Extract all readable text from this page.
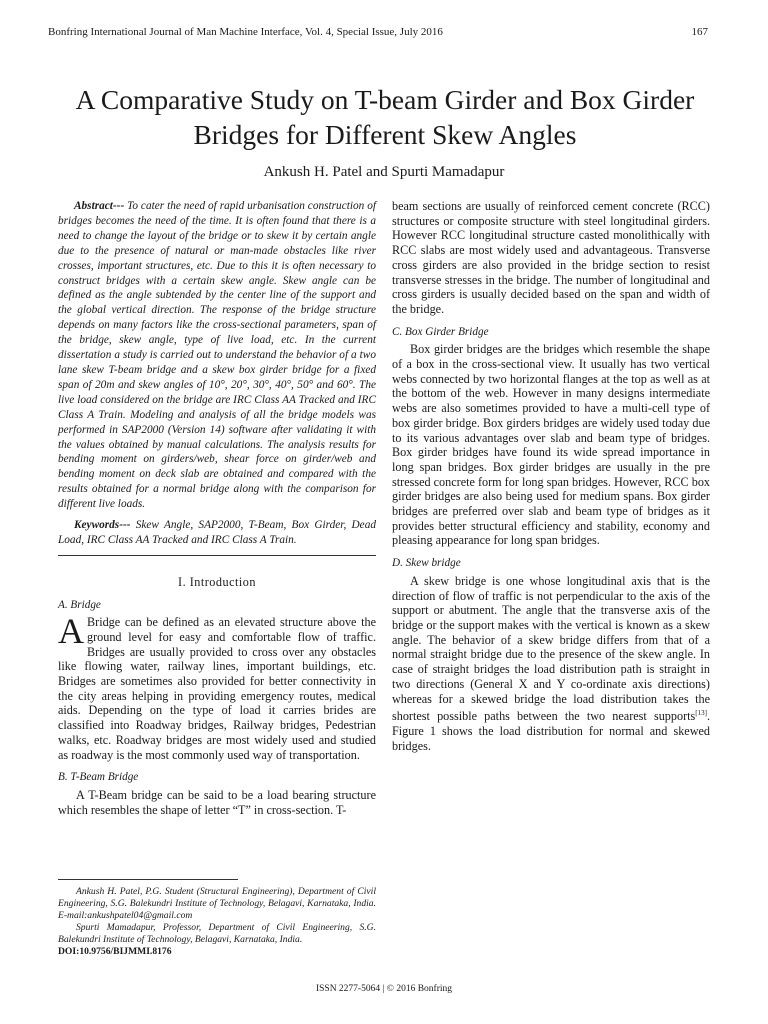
Bonfring International Journal of Man Machine Interface, Vol. 4, Special Issue, July 2016	167
A Comparative Study on T-beam Girder and Box Girder Bridges for Different Skew Angles
Ankush H. Patel and Spurti Mamadapur

Abstract--- To cater the need of rapid urbanisation construction of bridges becomes the need of the time. It is often found that there is a need to change the layout of the bridge or to skew it by certain angle due to the presence of natural or man-made obstacles like river crosses, important structures, etc. Due to this it is often necessary to construct bridges with a certain skew angle. Skew angle can be defined as the angle subtended by the center line of the support and the global vertical direction. The response of the bridge structure depends on many factors like the cross-sectional parameters, span of the bridge, skew angle, type of live load, etc. In the current dissertation a study is carried out to understand the behavior of a two lane skew T-beam bridge and a skew box girder bridge for a fixed span of 20m and skew angles of 10°, 20°, 30°, 40°, 50° and 60°. The live load considered on the bridge are IRC Class AA Tracked and IRC Class A Train. Modeling and analysis of all the bridge models was performed in SAP2000 (Version 14) software after validating it with the values obtained by manual calculations. The analysis results for bending moment on girders/web, shear force on girder/web and bending moment on deck slab are obtained and compared with the results obtained for a normal bridge along with the comparison for different live loads.

Keywords--- Skew Angle, SAP2000, T-Beam, Box Girder, Dead Load, IRC Class AA Tracked and IRC Class A Train.

I. Introduction
A. Bridge

A Bridge can be defined as an elevated structure above the ground level for easy and comfortable flow of traffic. Bridges are usually provided to cross over any obstacles like flowing water, railway lines, important buildings, etc. Bridges are sometimes also provided for better connectivity in the city areas helping in providing emergency routes, medical aids. Depending on the type of load it carries brides are classified into Roadway bridges, Railway bridges, Pedestrian walks, etc. Roadway bridges are most widely used and studied as roadway is the most commonly used way of transportation.

B. T-Beam Bridge

A T-Beam bridge can be said to be a load bearing structure which resembles the shape of letter “T” in cross-section. T-

beam sections are usually of reinforced cement concrete (RCC) structures or composite structure with steel longitudinal girders. However RCC longitudinal structure casted monolithically with RCC slabs are most widely used and advantageous. Transverse cross girders are also provided in the bridge section to resist transverse stresses in the bridge. The number of longitudinal and cross girders is usually decided based on the span and width of the bridge.

C. Box Girder Bridge

Box girder bridges are the bridges which resemble the shape of a box in the cross-sectional view. It usually has two vertical webs connected by two horizontal flanges at the top as well as at the bottom of the web. However in many designs intermediate webs are also sometimes provided to have a multi-cell type of box girder bridge. Box girders bridges are widely used today due to its various advantages over slab and beam type of bridges. Box girder bridges have found its wide spread importance in long span bridges. Box girder bridges are usually in the pre stressed concrete form for long span bridges. However, RCC box girder bridges are also being used for medium spans. Box girder bridges are preferred over slab and beam type of bridges as it provides better structural efficiency and stability, economy and pleasing appearance for long span bridges.

D. Skew bridge

A skew bridge is one whose longitudinal axis that is the direction of flow of traffic is not perpendicular to the axis of the support or abutment. The angle that the transverse axis of the bridge or the support makes with the vertical is known as a skew angle. The behavior of a skew bridge differs from that of a normal straight bridge due to the presence of the skew angle. In case of straight bridges the load distribution path is straight in two directions (General X and Y co-ordinate axis directions) whereas for a skewed bridge the load distribution takes the shortest possible paths between the two nearest supports[13]. Figure 1 shows the load distribution for normal and skewed bridges.

Ankush H. Patel, P.G. Student (Structural Engineering), Department of Civil Engineering, S.G. Balekundri Institute of Technology, Belagavi, Karnataka, India. E-mail:ankushpatel04@gmail.com

Spurti Mamadapur, Professor, Department of Civil Engineering, S.G. Balekundri Institute of Technology, Belagavi, Karnataka, India.

DOI:10.9756/BIJMMI.8176

ISSN 2277-5064 | © 2016 Bonfring
